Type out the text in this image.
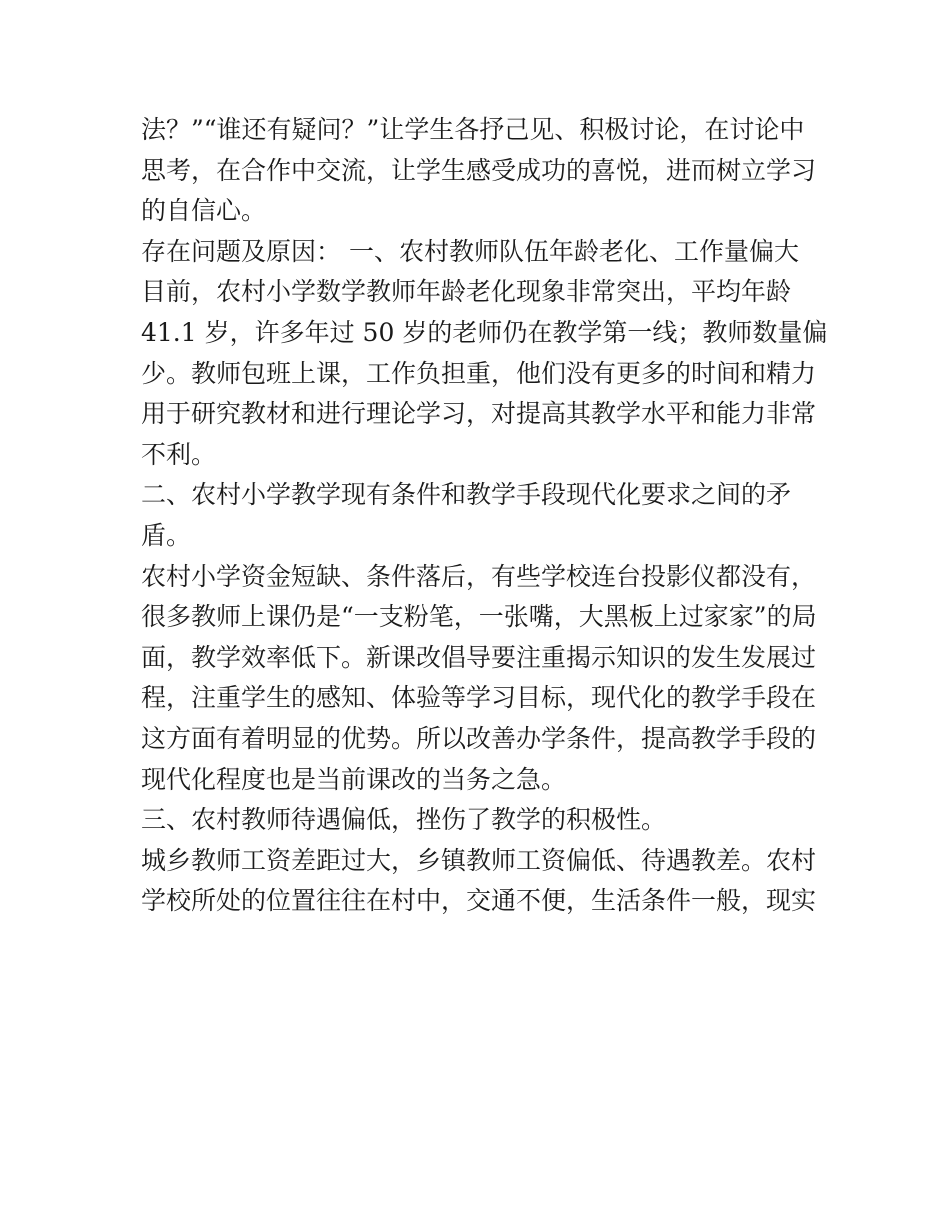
法？”“谁还有疑问？”让学生各抒己见、积极讨论，在讨论中
思考，在合作中交流，让学生感受成功的喜悦，进而树立学习
的自信心。
存在问题及原因： 一、农村教师队伍年龄老化、工作量偏大
目前，农村小学数学教师年龄老化现象非常突出，平均年龄
41.1 岁，许多年过 50 岁的老师仍在教学第一线；教师数量偏
少。教师包班上课，工作负担重，他们没有更多的时间和精力
用于研究教材和进行理论学习，对提高其教学水平和能力非常
不利。
二、农村小学教学现有条件和教学手段现代化要求之间的矛
盾。
农村小学资金短缺、条件落后，有些学校连台投影仪都没有，
很多教师上课仍是“一支粉笔，一张嘴，大黑板上过家家”的局
面，教学效率低下。新课改倡导要注重揭示知识的发生发展过
程，注重学生的感知、体验等学习目标，现代化的教学手段在
这方面有着明显的优势。所以改善办学条件，提高教学手段的
现代化程度也是当前课改的当务之急。
三、农村教师待遇偏低，挫伤了教学的积极性。
城乡教师工资差距过大，乡镇教师工资偏低、待遇教差。农村
学校所处的位置往往在村中，交通不便，生活条件一般，现实
